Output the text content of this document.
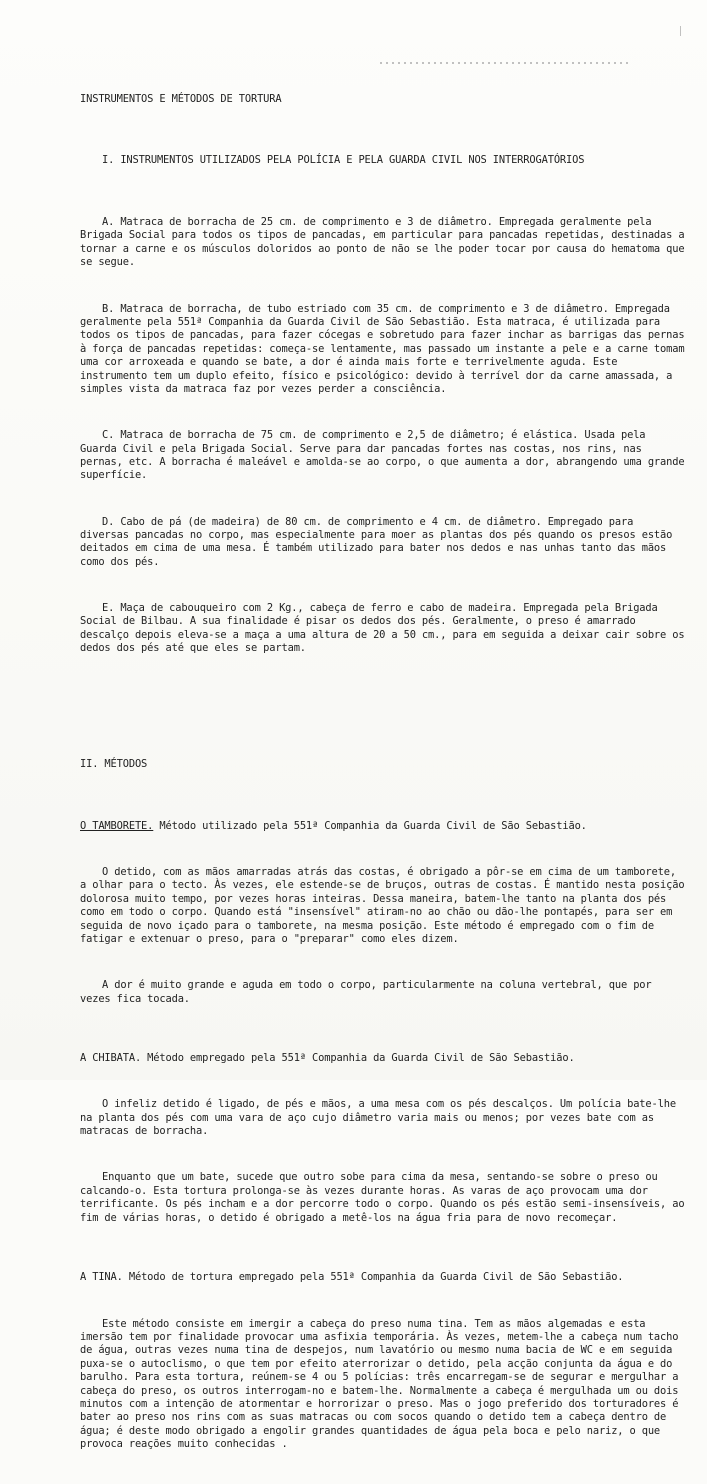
INSTRUMENTOS E MÉTODOS DE TORTURA

I. INSTRUMENTOS UTILIZADOS PELA POLÍCIA E PELA GUARDA CIVIL NOS INTERROGATÓRIOS

A. Matraca de borracha de 25 cm. de comprimento e 3 de diâmetro. Empregada geralmente pela Brigada Social para todos os tipos de pancadas, em particular para pancadas repetidas, destinadas a tornar a carne e os músculos doloridos ao ponto de não se lhe poder tocar por causa do hematoma que se segue.

B. Matraca de borracha, de tubo estriado com 35 cm. de comprimento e 3 de diâmetro. Empregada geralmente pela 551ª Companhia da Guarda Civil de São Sebastião. Esta matraca, é utilizada para todos os tipos de pancadas, para fazer cócegas e sobretudo para fazer inchar as barrigas das pernas à força de pancadas repetidas: começa-se lentamente, mas passado um instante a pele e a carne tomam uma cor arroxeada e quando se bate, a dor é ainda mais forte e terrivelmente aguda. Este instrumento tem um duplo efeito, físico e psicológico: devido à terrível dor da carne amassada, a simples vista da matraca faz por vezes perder a consciência.

C. Matraca de borracha de 75 cm. de comprimento e 2,5 de diâmetro; é elástica. Usada pela Guarda Civil e pela Brigada Social. Serve para dar pancadas fortes nas costas, nos rins, nas pernas, etc. A borracha é maleável e amolda-se ao corpo, o que aumenta a dor, abrangendo uma grande superfície.

D. Cabo de pá (de madeira) de 80 cm. de comprimento e 4 cm. de diâmetro. Empregado para diversas pancadas no corpo, mas especialmente para moer as plantas dos pés quando os presos estão deitados em cima de uma mesa. É também utilizado para bater nos dedos e nas unhas tanto das mãos como dos pés.

E. Maça de cabouqueiro com 2 Kg., cabeça de ferro e cabo de madeira. Empregada pela Brigada Social de Bilbau. A sua finalidade é pisar os dedos dos pés. Geralmente, o preso é amarrado descalço depois eleva-se a maça a uma altura de 20 a 50 cm., para em seguida a deixar cair sobre os dedos dos pés até que eles se partam.

II. MÉTODOS

O TAMBORETE. Método utilizado pela 551ª Companhia da Guarda Civil de São Sebastião.

O detido, com as mãos amarradas atrás das costas, é obrigado a pôr-se em cima de um tamborete, a olhar para o tecto. Às vezes, ele estende-se de bruços, outras de costas. É mantido nesta posição dolorosa muito tempo, por vezes horas inteiras. Dessa maneira, batem-lhe tanto na planta dos pés como em todo o corpo. Quando está "insensível" atiram-no ao chão ou dão-lhe pontapés, para ser em seguida de novo içado para o tamborete, na mesma posição. Este método é empregado com o fim de fatigar e extenuar o preso, para o "preparar" como eles dizem.

A dor é muito grande e aguda em todo o corpo, particularmente na coluna vertebral, que por vezes fica tocada.

A CHIBATA. Método empregado pela 551ª Companhia da Guarda Civil de São Sebastião.

O infeliz detido é ligado, de pés e mãos, a uma mesa com os pés descalços. Um polícia bate-lhe na planta dos pés com uma vara de aço cujo diâmetro varia mais ou menos; por vezes bate com as matracas de borracha.

Enquanto que um bate, sucede que outro sobe para cima da mesa, sentando-se sobre o preso ou calcando-o. Esta tortura prolonga-se às vezes durante horas. As varas de aço provocam uma dor terrificante. Os pés incham e a dor percorre todo o corpo. Quando os pés estão semi-insensíveis, ao fim de várias horas, o detido é obrigado a metê-los na água fria para de novo recomeçar.

A TINA. Método de tortura empregado pela 551ª Companhia da Guarda Civil de São Sebastião.

Este método consiste em imergir a cabeça do preso numa tina. Tem as mãos algemadas e esta imersão tem por finalidade provocar uma asfixia temporária. Às vezes, metem-lhe a cabeça num tacho de água, outras vezes numa tina de despejos, num lavatório ou mesmo numa bacia de WC e em seguida puxa-se o autoclismo, o que tem por efeito aterrorizar o detido, pela acção conjunta da água e do barulho. Para esta tortura, reúnem-se 4 ou 5 polícias: três encarregam-se de segurar e mergulhar a cabeça do preso, os outros interrogam-no e batem-lhe. Normalmente a cabeça é mergulhada um ou dois minutos com a intenção de atormentar e horrorizar o preso. Mas o jogo preferido dos torturadores é bater ao preso nos rins com as suas matracas ou com socos quando o detido tem a cabeça dentro de água; é deste modo obrigado a engolir grandes quantidades de água pela boca e pelo nariz, o que provoca reações muito conhecidas .
